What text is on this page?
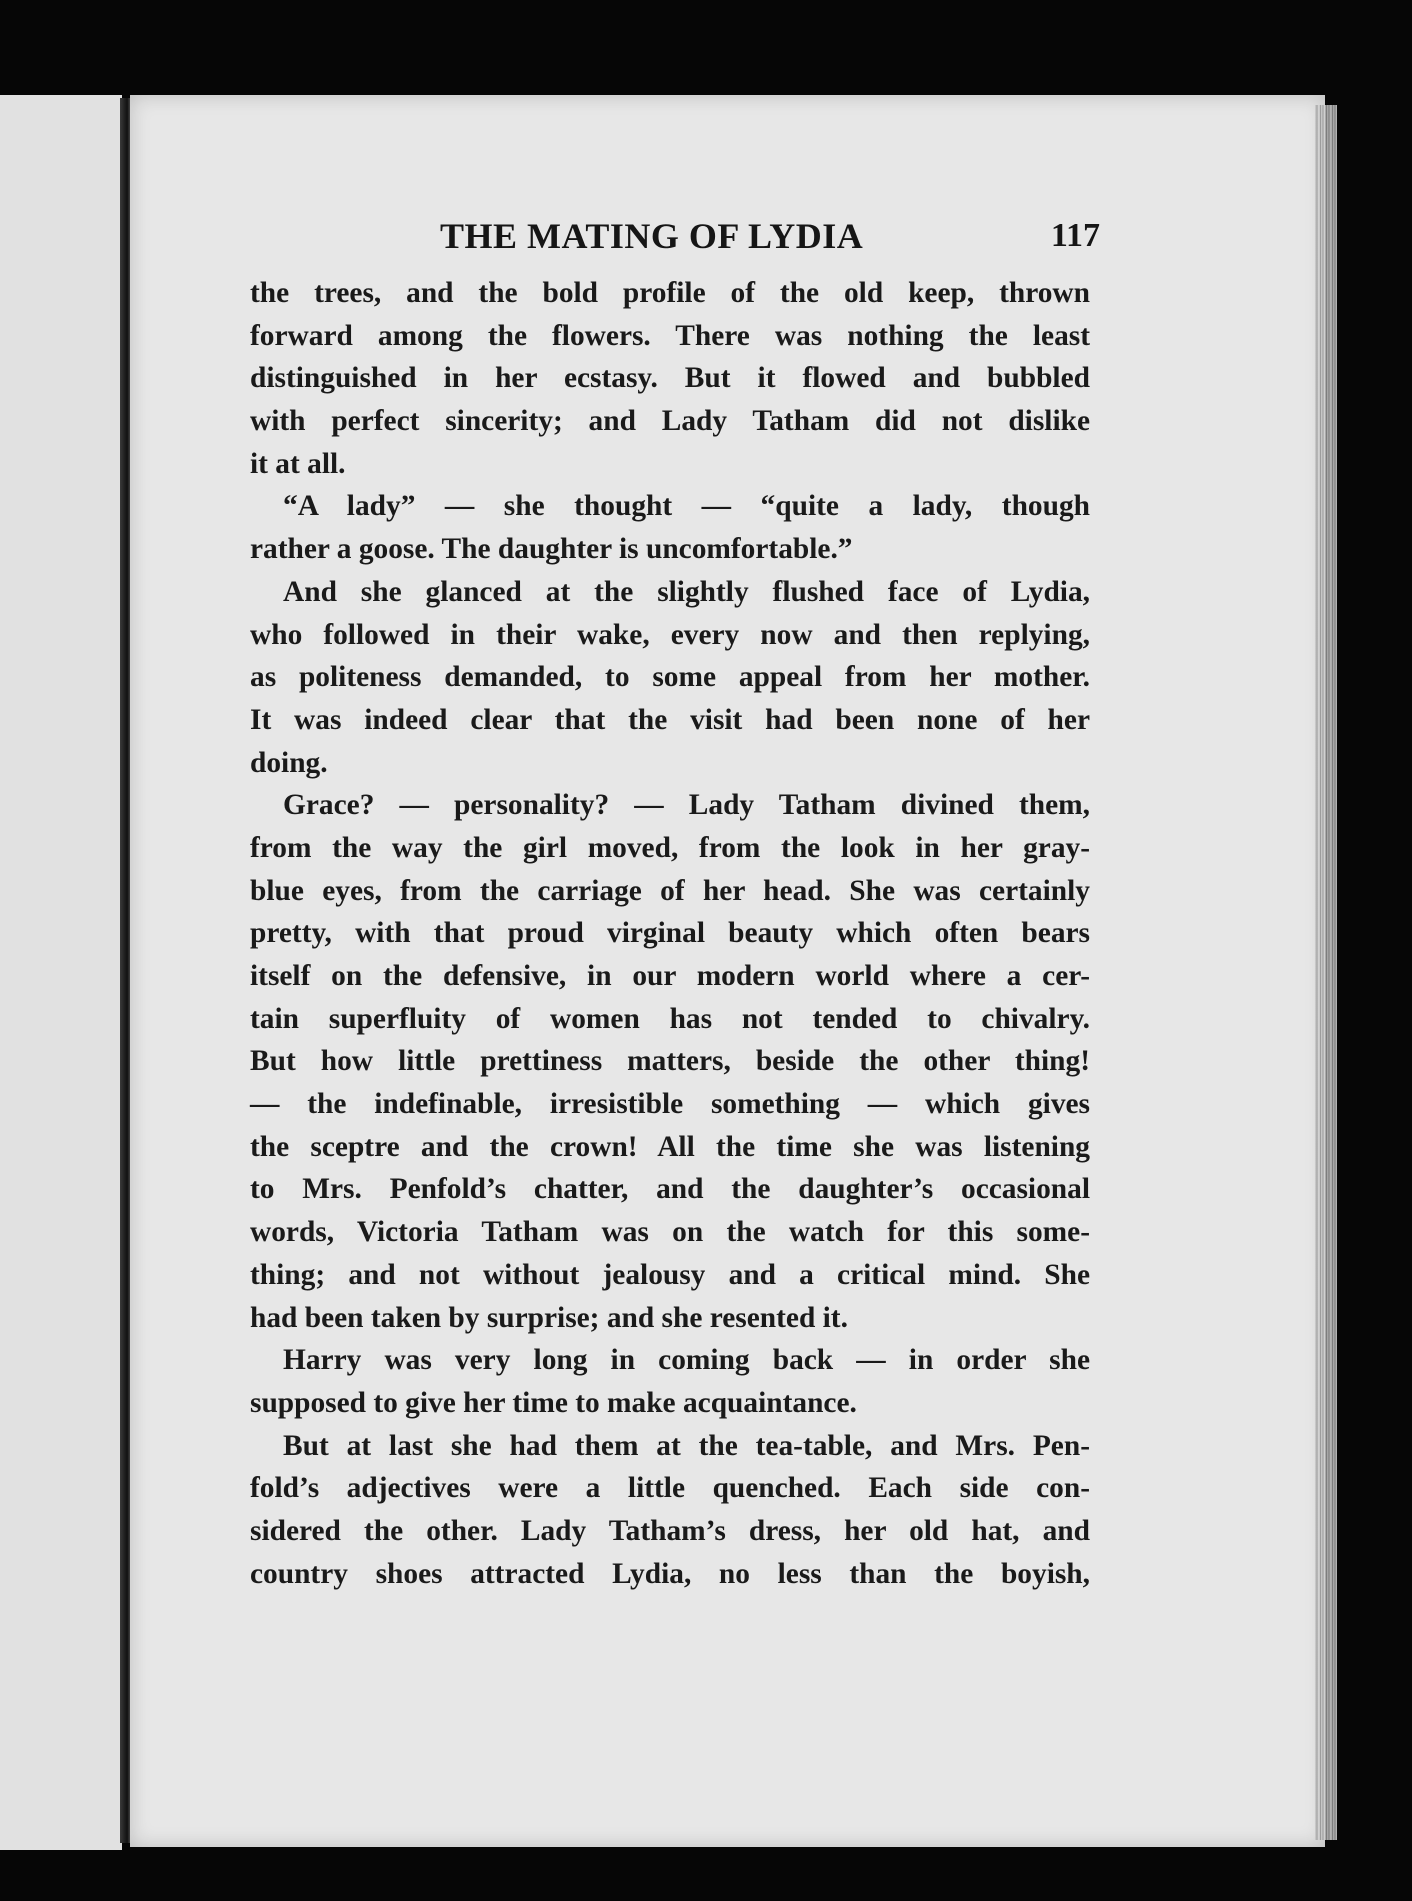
THE MATING OF LYDIA	117
the trees, and the bold profile of the old keep, thrown
forward among the flowers. There was nothing the least
distinguished in her ecstasy. But it flowed and bubbled
with perfect sincerity; and Lady Tatham did not dislike
it at all.
“A lady” — she thought — “quite a lady, though
rather a goose. The daughter is uncomfortable.”
And she glanced at the slightly flushed face of Lydia,
who followed in their wake, every now and then replying,
as politeness demanded, to some appeal from her mother.
It was indeed clear that the visit had been none of her
doing.
Grace? — personality? — Lady Tatham divined them,
from the way the girl moved, from the look in her gray-
blue eyes, from the carriage of her head. She was certainly
pretty, with that proud virginal beauty which often bears
itself on the defensive, in our modern world where a cer-
tain superfluity of women has not tended to chivalry.
But how little prettiness matters, beside the other thing!
— the indefinable, irresistible something — which gives
the sceptre and the crown! All the time she was listening
to Mrs. Penfold’s chatter, and the daughter’s occasional
words, Victoria Tatham was on the watch for this some-
thing; and not without jealousy and a critical mind. She
had been taken by surprise; and she resented it.
Harry was very long in coming back — in order she
supposed to give her time to make acquaintance.
But at last she had them at the tea-table, and Mrs. Pen-
fold’s adjectives were a little quenched. Each side con-
sidered the other. Lady Tatham’s dress, her old hat, and
country shoes attracted Lydia, no less than the boyish,
